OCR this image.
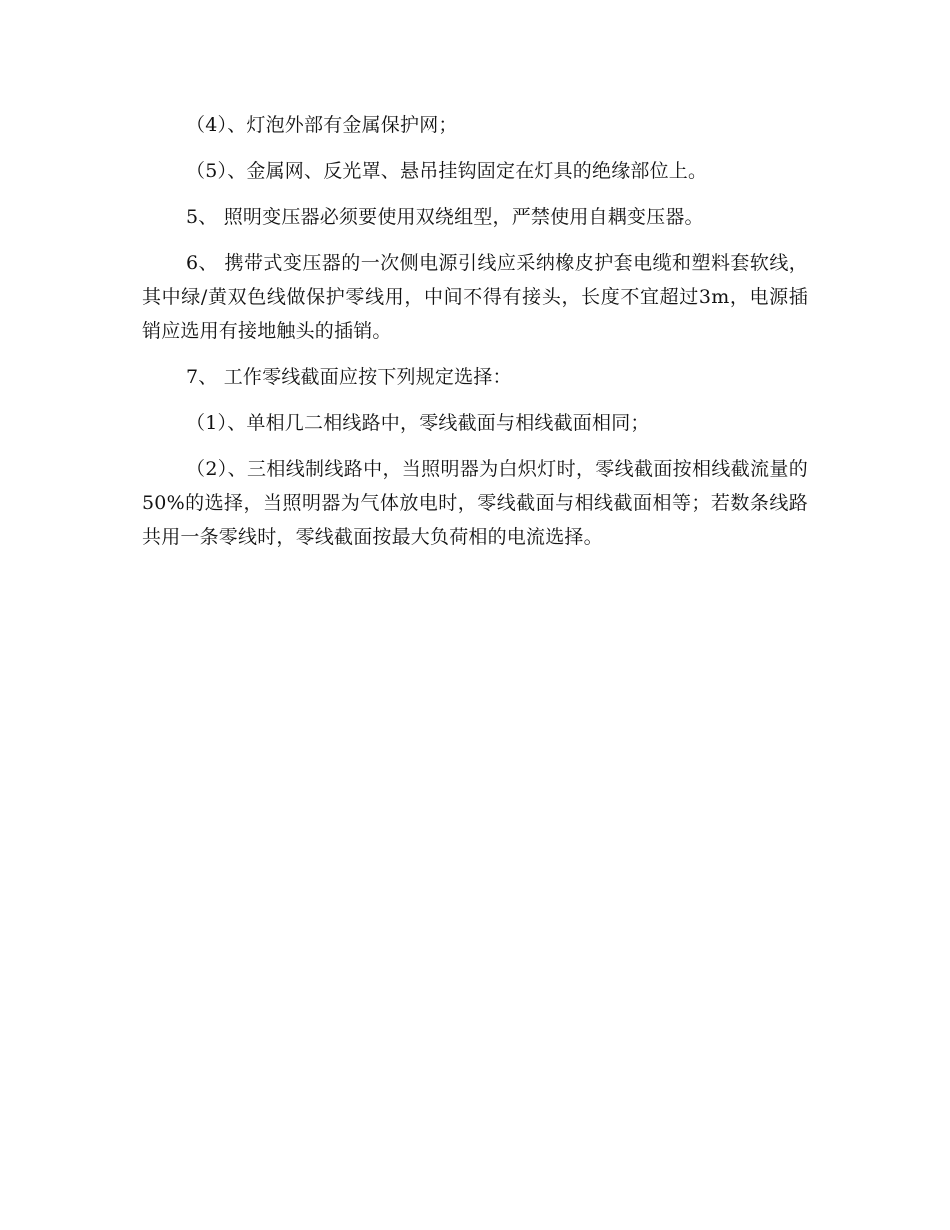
（4）、灯泡外部有金属保护网；

（5）、金属网、反光罩、悬吊挂钩固定在灯具的绝缘部位上。

5、 照明变压器必须要使用双绕组型，严禁使用自耦变压器。

6、 携带式变压器的一次侧电源引线应采纳橡皮护套电缆和塑料套软线，其中绿/黄双色线做保护零线用，中间不得有接头，长度不宜超过3m，电源插销应选用有接地触头的插销。

7、 工作零线截面应按下列规定选择：

（1）、单相几二相线路中，零线截面与相线截面相同；

（2）、三相线制线路中，当照明器为白炽灯时，零线截面按相线截流量的50%的选择，当照明器为气体放电时，零线截面与相线截面相等；若数条线路共用一条零线时，零线截面按最大负荷相的电流选择。
